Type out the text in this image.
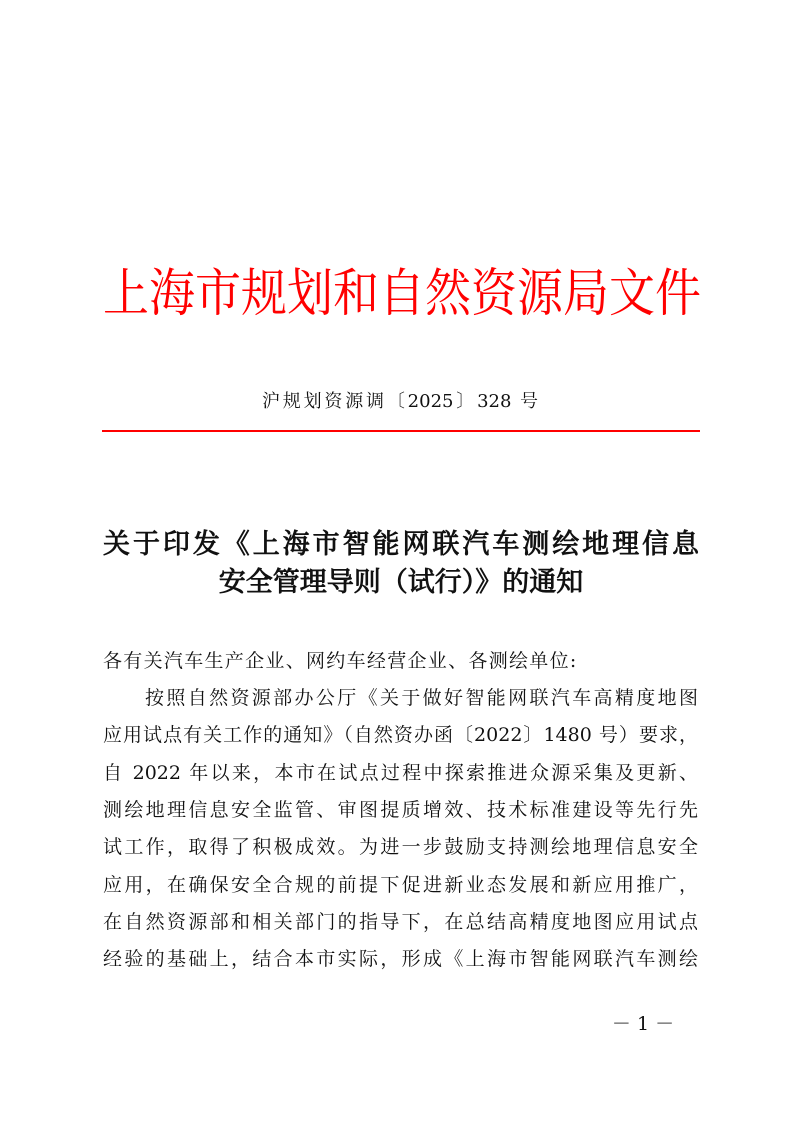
上海市规划和自然资源局文件
沪规划资源调〔2025〕328 号
关于印发《上海市智能网联汽车测绘地理信息
安全管理导则（试行）》的通知
各有关汽车生产企业、网约车经营企业、各测绘单位:
按照自然资源部办公厅《关于做好智能网联汽车高精度地图
应用试点有关工作的通知》（自然资办函〔2022〕1480 号）要求，
自 2022 年以来，本市在试点过程中探索推进众源采集及更新、
测绘地理信息安全监管、审图提质增效、技术标准建设等先行先
试工作，取得了积极成效。为进一步鼓励支持测绘地理信息安全
应用，在确保安全合规的前提下促进新业态发展和新应用推广，
在自然资源部和相关部门的指导下，在总结高精度地图应用试点
经验的基础上，结合本市实际，形成《上海市智能网联汽车测绘
－ 1 －
